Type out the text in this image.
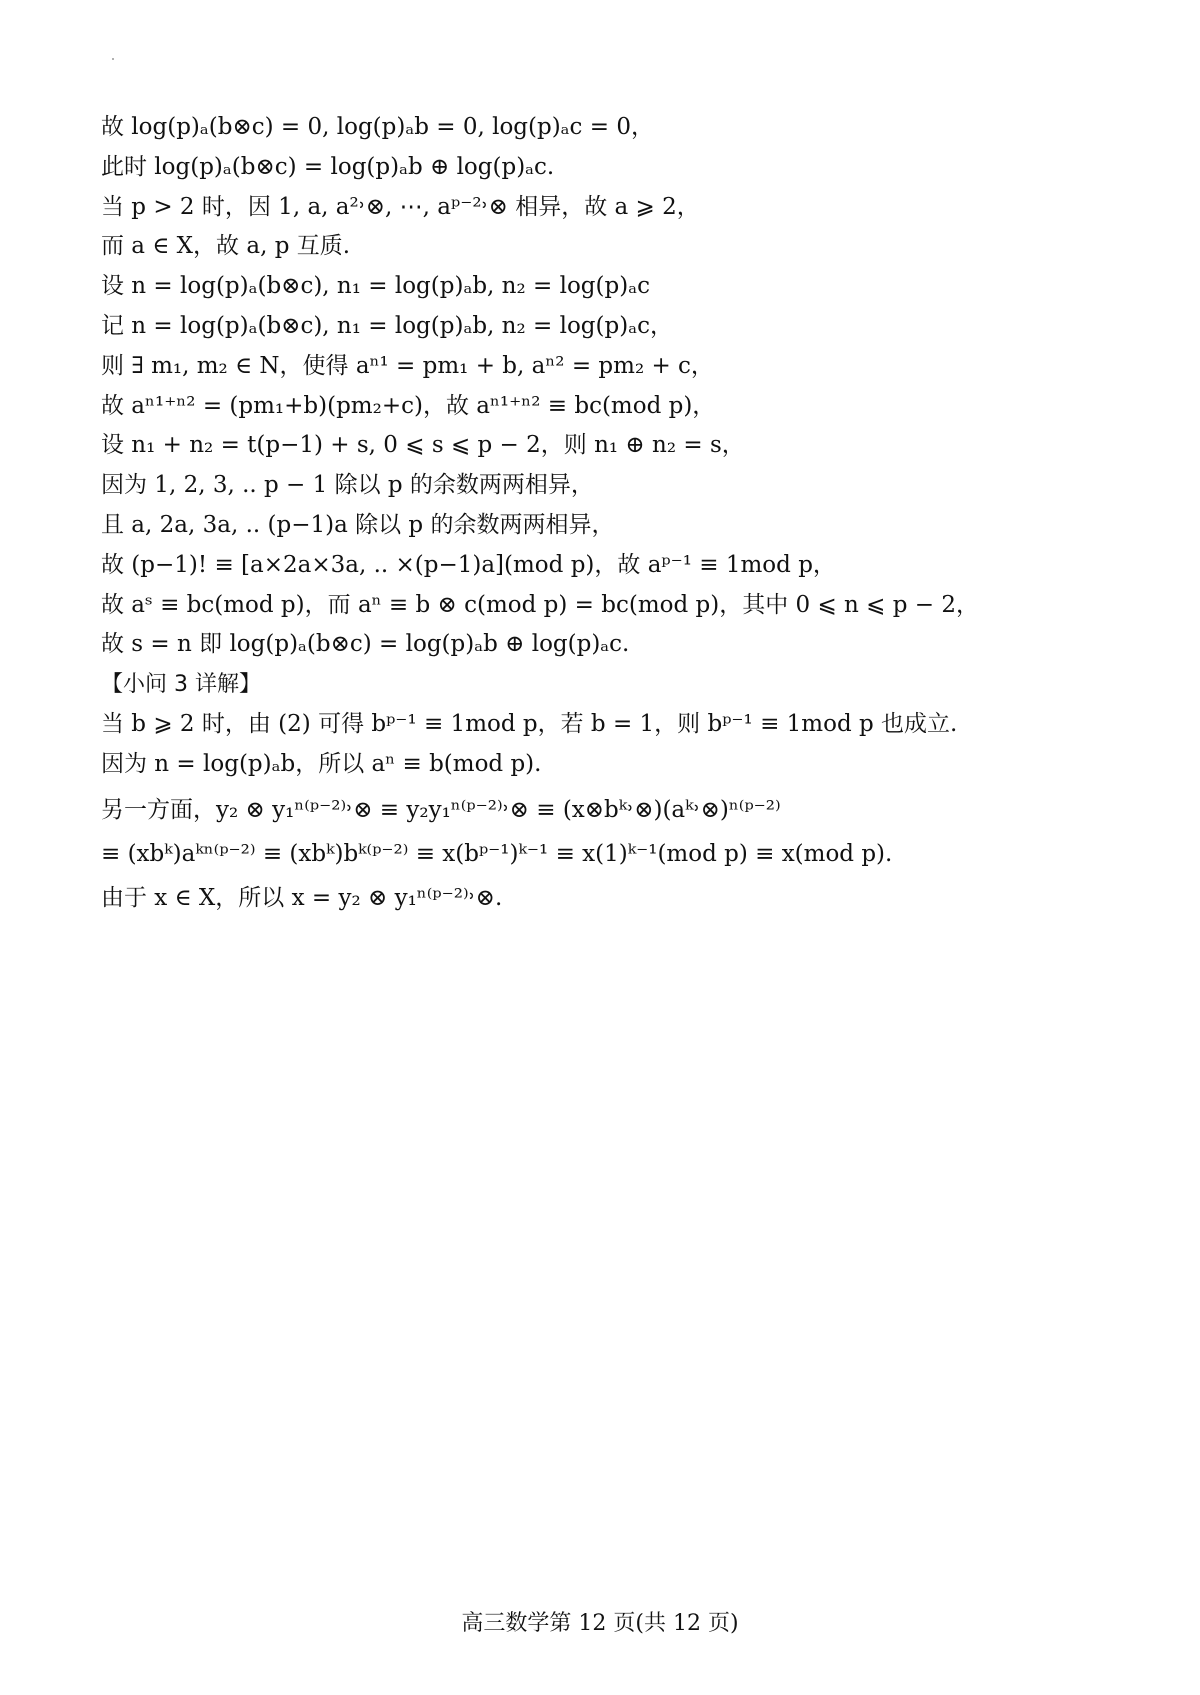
故 log(p)ₐ(b⊗c) = 0, log(p)ₐb = 0, log(p)ₐc = 0，
此时 log(p)ₐ(b⊗c) = log(p)ₐb ⊕ log(p)ₐc.
当 p > 2 时，因 1, a, a²˒⊗, ⋯, aᵖ⁻²˒⊗ 相异，故 a ⩾ 2，
而 a ∈ X，故 a, p 互质.
设 n = log(p)ₐ(b⊗c), n₁ = log(p)ₐb, n₂ = log(p)ₐc
记 n = log(p)ₐ(b⊗c), n₁ = log(p)ₐb, n₂ = log(p)ₐc，
则 ∃ m₁, m₂ ∈ N，使得 aⁿ¹ = pm₁ + b, aⁿ² = pm₂ + c，
故 aⁿ¹⁺ⁿ² = (pm₁+b)(pm₂+c)，故 aⁿ¹⁺ⁿ² ≡ bc(mod p)，
设 n₁ + n₂ = t(p−1) + s, 0 ⩽ s ⩽ p − 2，则 n₁ ⊕ n₂ = s，
因为 1, 2, 3, .. p − 1 除以 p 的余数两两相异，
且 a, 2a, 3a, .. (p−1)a 除以 p 的余数两两相异，
故 (p−1)! ≡ [a×2a×3a, .. ×(p−1)a](mod p)，故 aᵖ⁻¹ ≡ 1mod p，
故 aˢ ≡ bc(mod p)，而 aⁿ ≡ b ⊗ c(mod p) = bc(mod p)，其中 0 ⩽ n ⩽ p − 2，
故 s = n 即 log(p)ₐ(b⊗c) = log(p)ₐb ⊕ log(p)ₐc.
【小问 3 详解】
当 b ⩾ 2 时，由 (2) 可得 bᵖ⁻¹ ≡ 1mod p，若 b = 1，则 bᵖ⁻¹ ≡ 1mod p 也成立.
因为 n = log(p)ₐb，所以 aⁿ ≡ b(mod p).
另一方面，y₂ ⊗ y₁ⁿ⁽ᵖ⁻²⁾˒⊗ ≡ y₂y₁ⁿ⁽ᵖ⁻²⁾˒⊗ ≡ (x⊗bᵏ˒⊗)(aᵏ˒⊗)ⁿ⁽ᵖ⁻²⁾
≡ (xbᵏ)aᵏⁿ⁽ᵖ⁻²⁾ ≡ (xbᵏ)bᵏ⁽ᵖ⁻²⁾ ≡ x(bᵖ⁻¹)ᵏ⁻¹ ≡ x(1)ᵏ⁻¹(mod p) ≡ x(mod p).
由于 x ∈ X，所以 x = y₂ ⊗ y₁ⁿ⁽ᵖ⁻²⁾˒⊗.
高三数学第 12 页(共 12 页)
